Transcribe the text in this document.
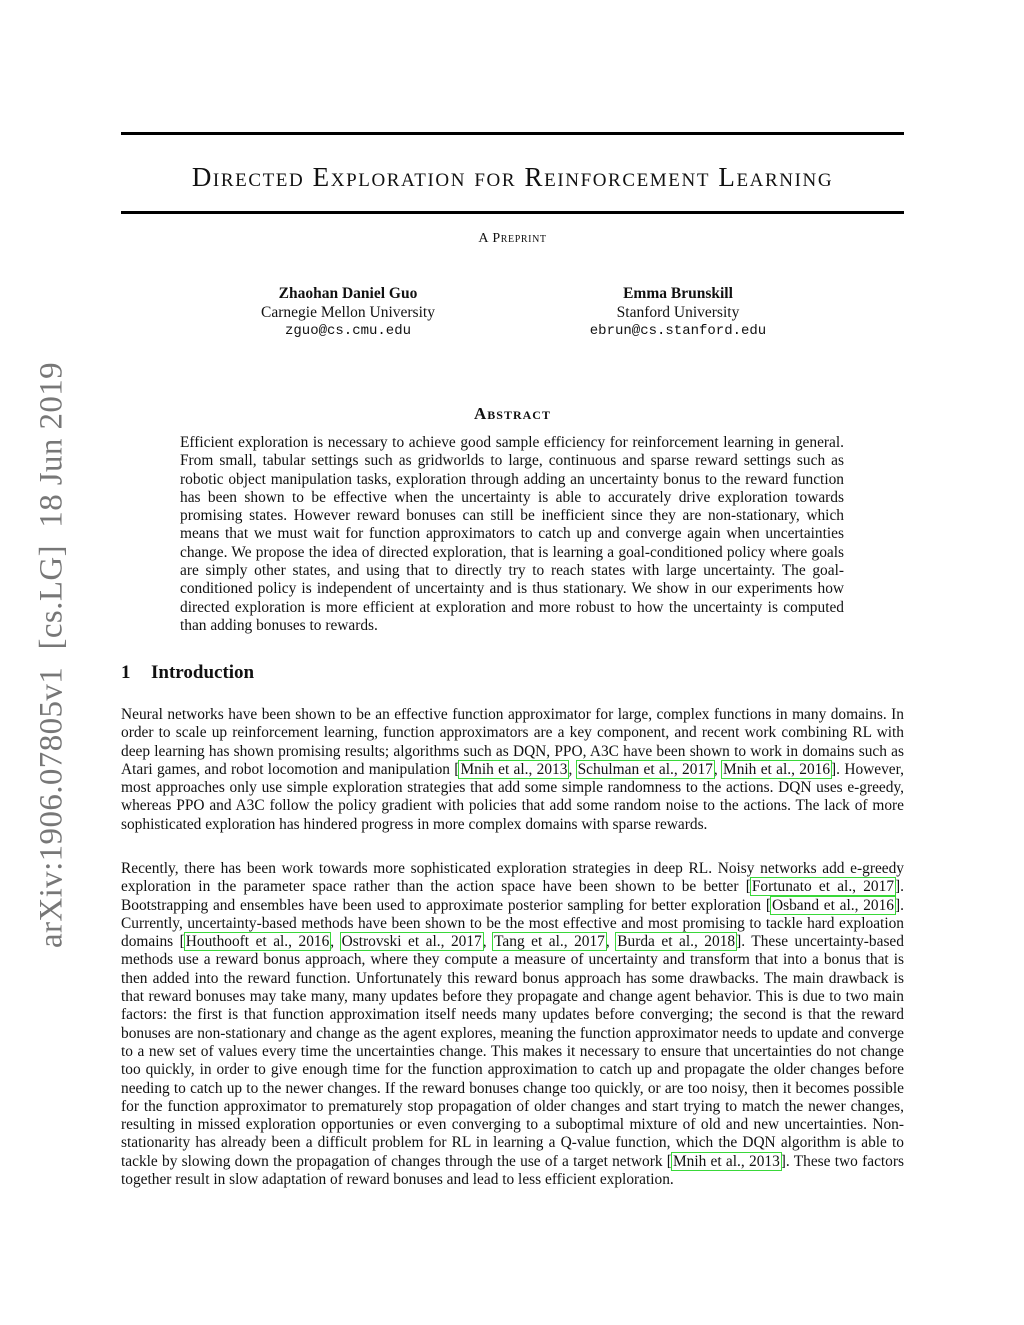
Directed Exploration for Reinforcement Learning
A Preprint
Zhaohan Daniel Guo
Carnegie Mellon University
zguo@cs.cmu.edu
Emma Brunskill
Stanford University
ebrun@cs.stanford.edu
arXiv:1906.07805v1  [cs.LG]  18 Jun 2019	Abstract
Efficient exploration is necessary to achieve good sample efficiency for reinforcement learning in general. From small, tabular settings such as gridworlds to large, continuous and sparse reward settings such as robotic object manipulation tasks, exploration through adding an uncertainty bonus to the reward function has been shown to be effective when the uncertainty is able to accurately drive exploration towards promising states. However reward bonuses can still be inefficient since they are non-stationary, which means that we must wait for function approximators to catch up and converge again when uncertainties change. We propose the idea of directed exploration, that is learning a goal-conditioned policy where goals are simply other states, and using that to directly try to reach states with large uncertainty. The goal-conditioned policy is independent of uncertainty and is thus stationary. We show in our experiments how directed exploration is more efficient at exploration and more robust to how the uncertainty is computed than adding bonuses to rewards.
1 Introduction
Neural networks have been shown to be an effective function approximator for large, complex functions in many domains. In order to scale up reinforcement learning, function approximators are a key component, and recent work combining RL with deep learning has shown promising results; algorithms such as DQN, PPO, A3C have been shown to work in domains such as Atari games, and robot locomotion and manipulation [Mnih et al., 2013, Schulman et al., 2017, Mnih et al., 2016]. However, most approaches only use simple exploration strategies that add some simple randomness to the actions. DQN uses e-greedy, whereas PPO and A3C follow the policy gradient with policies that add some random noise to the actions. The lack of more sophisticated exploration has hindered progress in more complex domains with sparse rewards.
Recently, there has been work towards more sophisticated exploration strategies in deep RL. Noisy networks add e-greedy exploration in the parameter space rather than the action space have been shown to be better [Fortunato et al., 2017]. Bootstrapping and ensembles have been used to approximate posterior sampling for better exploration [Osband et al., 2016]. Currently, uncertainty-based methods have been shown to be the most effective and most promising to tackle hard exploation domains [Houthooft et al., 2016, Ostrovski et al., 2017, Tang et al., 2017, Burda et al., 2018]. These uncertainty-based methods use a reward bonus approach, where they compute a measure of uncertainty and transform that into a bonus that is then added into the reward function. Unfortunately this reward bonus approach has some drawbacks. The main drawback is that reward bonuses may take many, many updates before they propagate and change agent behavior. This is due to two main factors: the first is that function approximation itself needs many updates before converging; the second is that the reward bonuses are non-stationary and change as the agent explores, meaning the function approximator needs to update and converge to a new set of values every time the uncertainties change. This makes it necessary to ensure that uncertainties do not change too quickly, in order to give enough time for the function approximation to catch up and propagate the older changes before needing to catch up to the newer changes. If the reward bonuses change too quickly, or are too noisy, then it becomes possible for the function approximator to prematurely stop propagation of older changes and start trying to match the newer changes, resulting in missed exploration opportunies or even converging to a suboptimal mixture of old and new uncertainties. Non-stationarity has already been a difficult problem for RL in learning a Q-value function, which the DQN algorithm is able to tackle by slowing down the propagation of changes through the use of a target network [Mnih et al., 2013]. These two factors together result in slow adaptation of reward bonuses and lead to less efficient exploration.
